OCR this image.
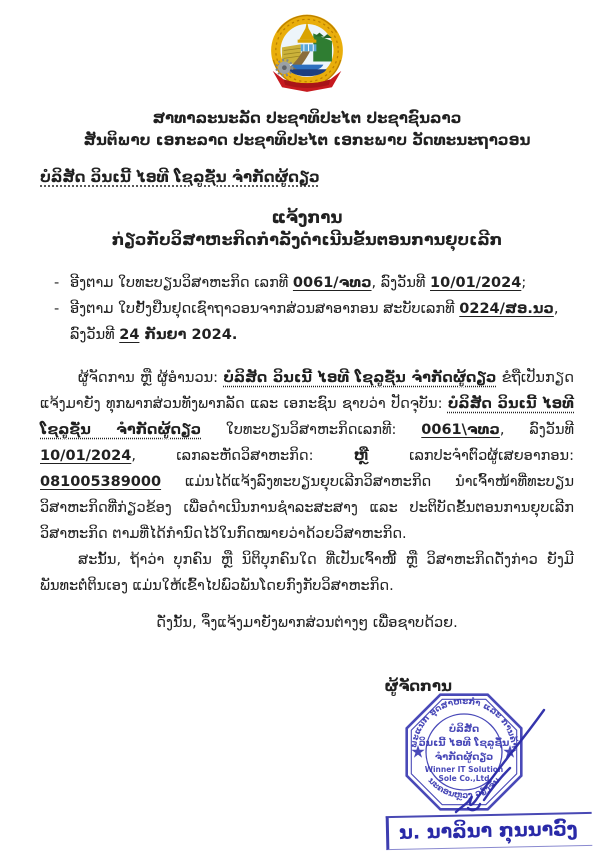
ສາທາລະນະລັດ ປະຊາທິປະໄຕ ປະຊາຊົນລາວ

ສັນຕິພາບ ເອກະລາດ ປະຊາທິປະໄຕ ເອກະພາບ ວັດທະນະຖາວອນ

ບໍລິສັດ ວິນເນີ້ ໄອທີ ໂຊລູຊັ່ນ ຈຳກັດຜູ້ດຽວ

ແຈ້ງການ

ກ່ຽວກັບວິສາຫະກິດກຳລັງດຳເນີນຂັ້ນຕອນການຍຸບເລີກ

- ອີງຕາມ ໃບທະບຽນວິສາຫະກິດ ເລກທີ 0061/ຈທວ, ລົງວັນທີ 10/01/2024;
- ອີງຕາມ ໃບຢັ້ງຢືນຢຸດເຊົາຖາວອນຈາກສ່ວນສາອາກອນ ສະບັບເລກທີ 0224/ສອ.ນວ, ລົງວັນທີ 24 ກັນຍາ 2024.

ຜູ້ຈັດການ ຫຼື ຜູ້ອຳນວນ: ບໍລິສັດ ວິນເນີ້ ໄອທີ ໂຊລູຊັ່ນ ຈຳກັດຜູ້ດຽວ ຂໍຖືເປັນກຽດແຈ້ງມາຍັງ ທຸກພາກສ່ວນທັງພາກລັດ ແລະ ເອກະຊົນ ຊາບວ່າ ປັດຈຸບັນ: ບໍລິສັດ ວິນເນີ້ ໄອທີ ໂຊລູຊັ່ນ ຈຳກັດຜູ້ດຽວ ໃບທະບຽນວິສາຫະກິດເລກທີ: 0061\ຈທວ, ລົງວັນທີ 10/01/2024, ເລກລະຫັດວິສາຫະກິດ: ຫຼື ເລກປະຈຳຕົວຜູ້ເສຍອາກອນ: 081005389000 ແມ່ນໄດ້ແຈ້ງລົງທະບຽນຍຸບເລີກວິສາຫະກິດ ນຳເຈົ້າໜ້າທີ່ທະບຽນວິສາຫະກິດທີ່ກ່ຽວຂ້ອງ ເພື່ອດຳເນີນການຊຳລະສະສາງ ແລະ ປະຕິບັດຂັ້ນຕອນການຍຸບເລີກວິສາຫະກິດ ຕາມທີ່ໄດ້ກຳນົດໄວ້ໃນກົດໝາຍວ່າດ້ວຍວິສາຫະກິດ.

ສະນັ້ນ, ຖ້າວ່າ ບຸກຄົນ ຫຼື ນິຕິບຸກຄົນໃດ ທີ່ເປັນເຈົ້າໜີ້ ຫຼື ວິສາຫະກິດດັ່ງກ່າວ ຍັງມີພັນທະຕໍ່ຕິນເອງ ແມ່ນໃຫ້ເຂົ້າໄປພົວພັນໂດຍກົງກັບວິສາຫະກິດ.

ດັ່ງນັ້ນ, ຈຶ່ງແຈ້ງມາຍັງພາກສ່ວນຕ່າງໆ ເພື່ອຊາບດ້ວຍ.
ຜູ້ຈັດການ
ພະແນກ ອຸດສາຫະກຳ ແລະ ການຄ້າ
ນະຄອນຫຼວງ ວຽງຈັນ
ບໍລິສັດ
ວິນເນີ້ ໄອທີ ໂຊລູຊັ່ນ
ຈຳກັດຜູ້ດຽວ
Winner IT Solution
Sole Co.,Ltd
ນ. ນາລິນາ ກຸນນາວົງ
